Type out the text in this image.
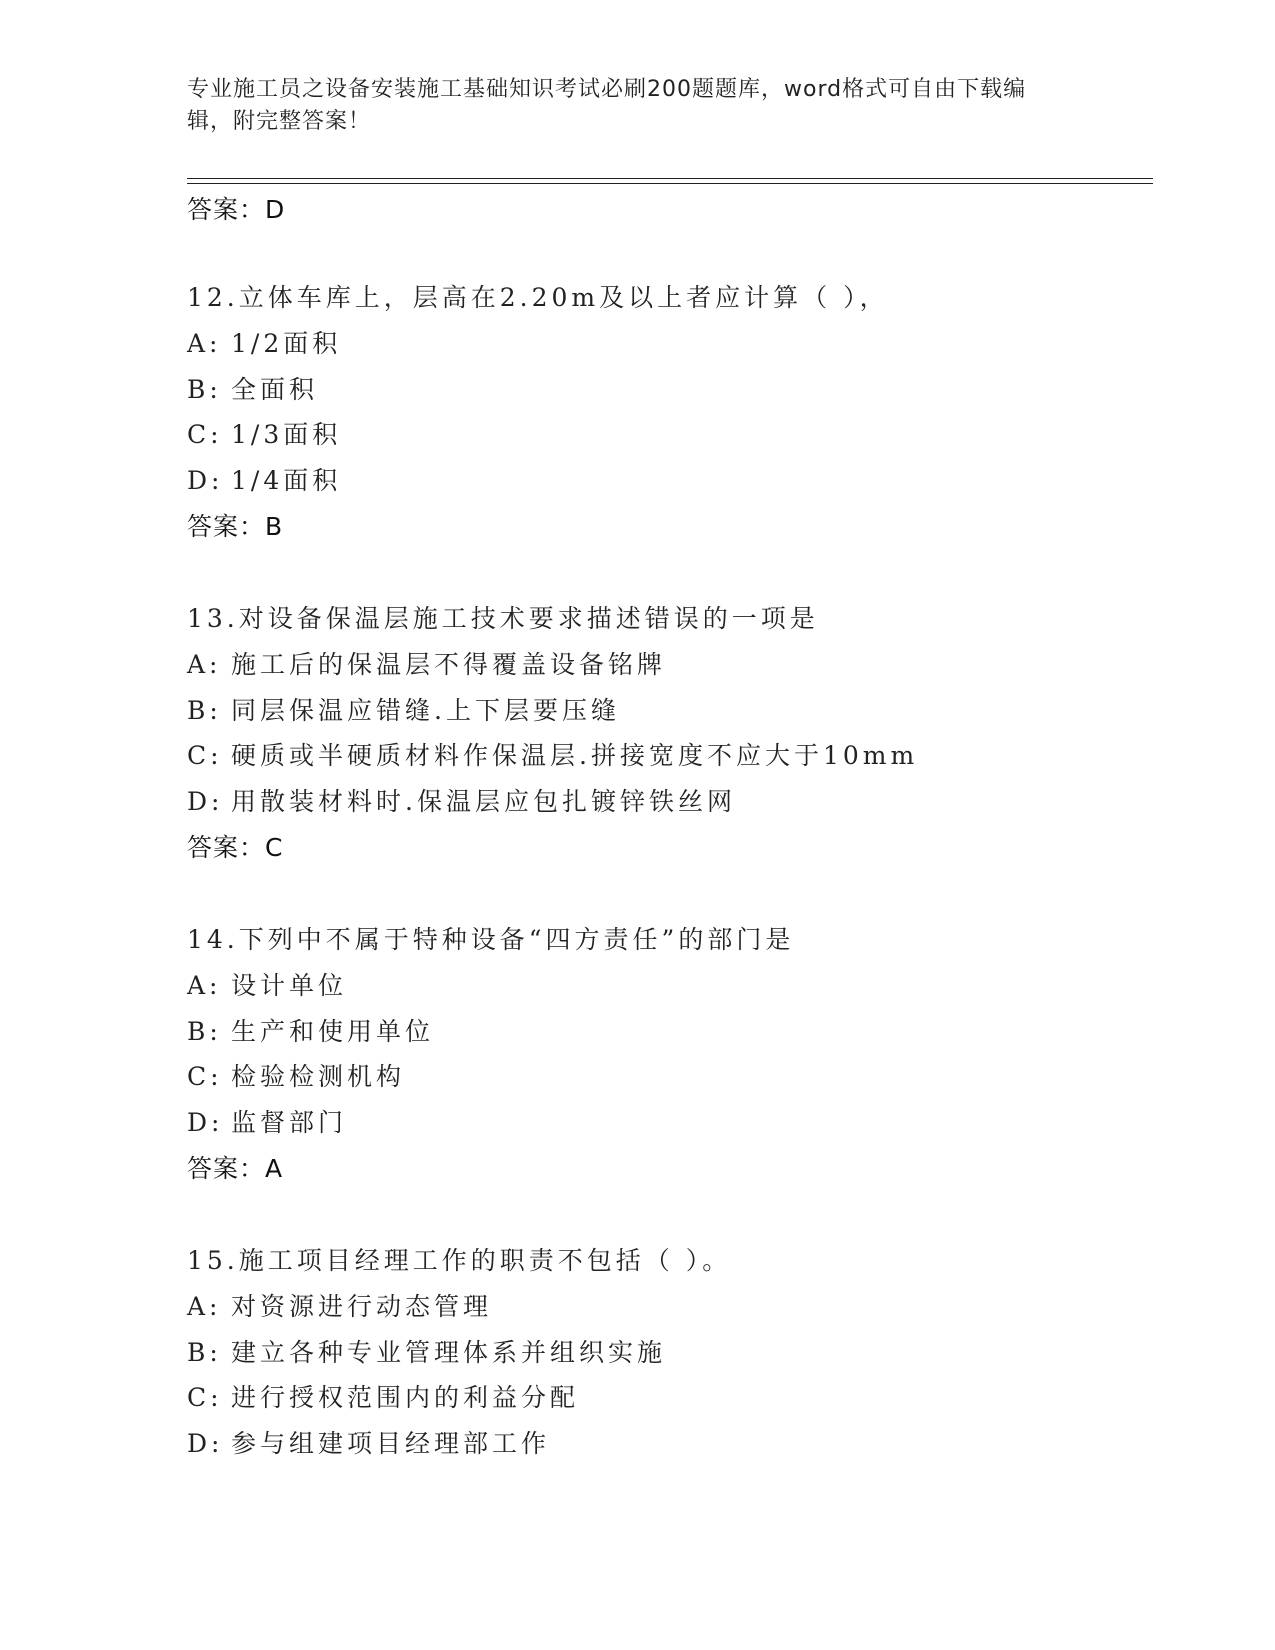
专业施工员之设备安装施工基础知识考试必刷200题题库，word格式可自由下载编辑，附完整答案！
答案：D
12.立体车库上，层高在2.20m及以上者应计算（ ），
A: 1/2面积
B: 全面积
C: 1/3面积
D: 1/4面积
答案：B
13.对设备保温层施工技术要求描述错误的一项是
A: 施工后的保温层不得覆盖设备铭牌
B: 同层保温应错缝.上下层要压缝
C: 硬质或半硬质材料作保温层.拼接宽度不应大于10mm
D: 用散装材料时.保温层应包扎镀锌铁丝网
答案：C
14.下列中不属于特种设备“四方责任”的部门是
A: 设计单位
B: 生产和使用单位
C: 检验检测机构
D: 监督部门
答案：A
15.施工项目经理工作的职责不包括（ ）。
A: 对资源进行动态管理
B: 建立各种专业管理体系并组织实施
C: 进行授权范围内的利益分配
D: 参与组建项目经理部工作
